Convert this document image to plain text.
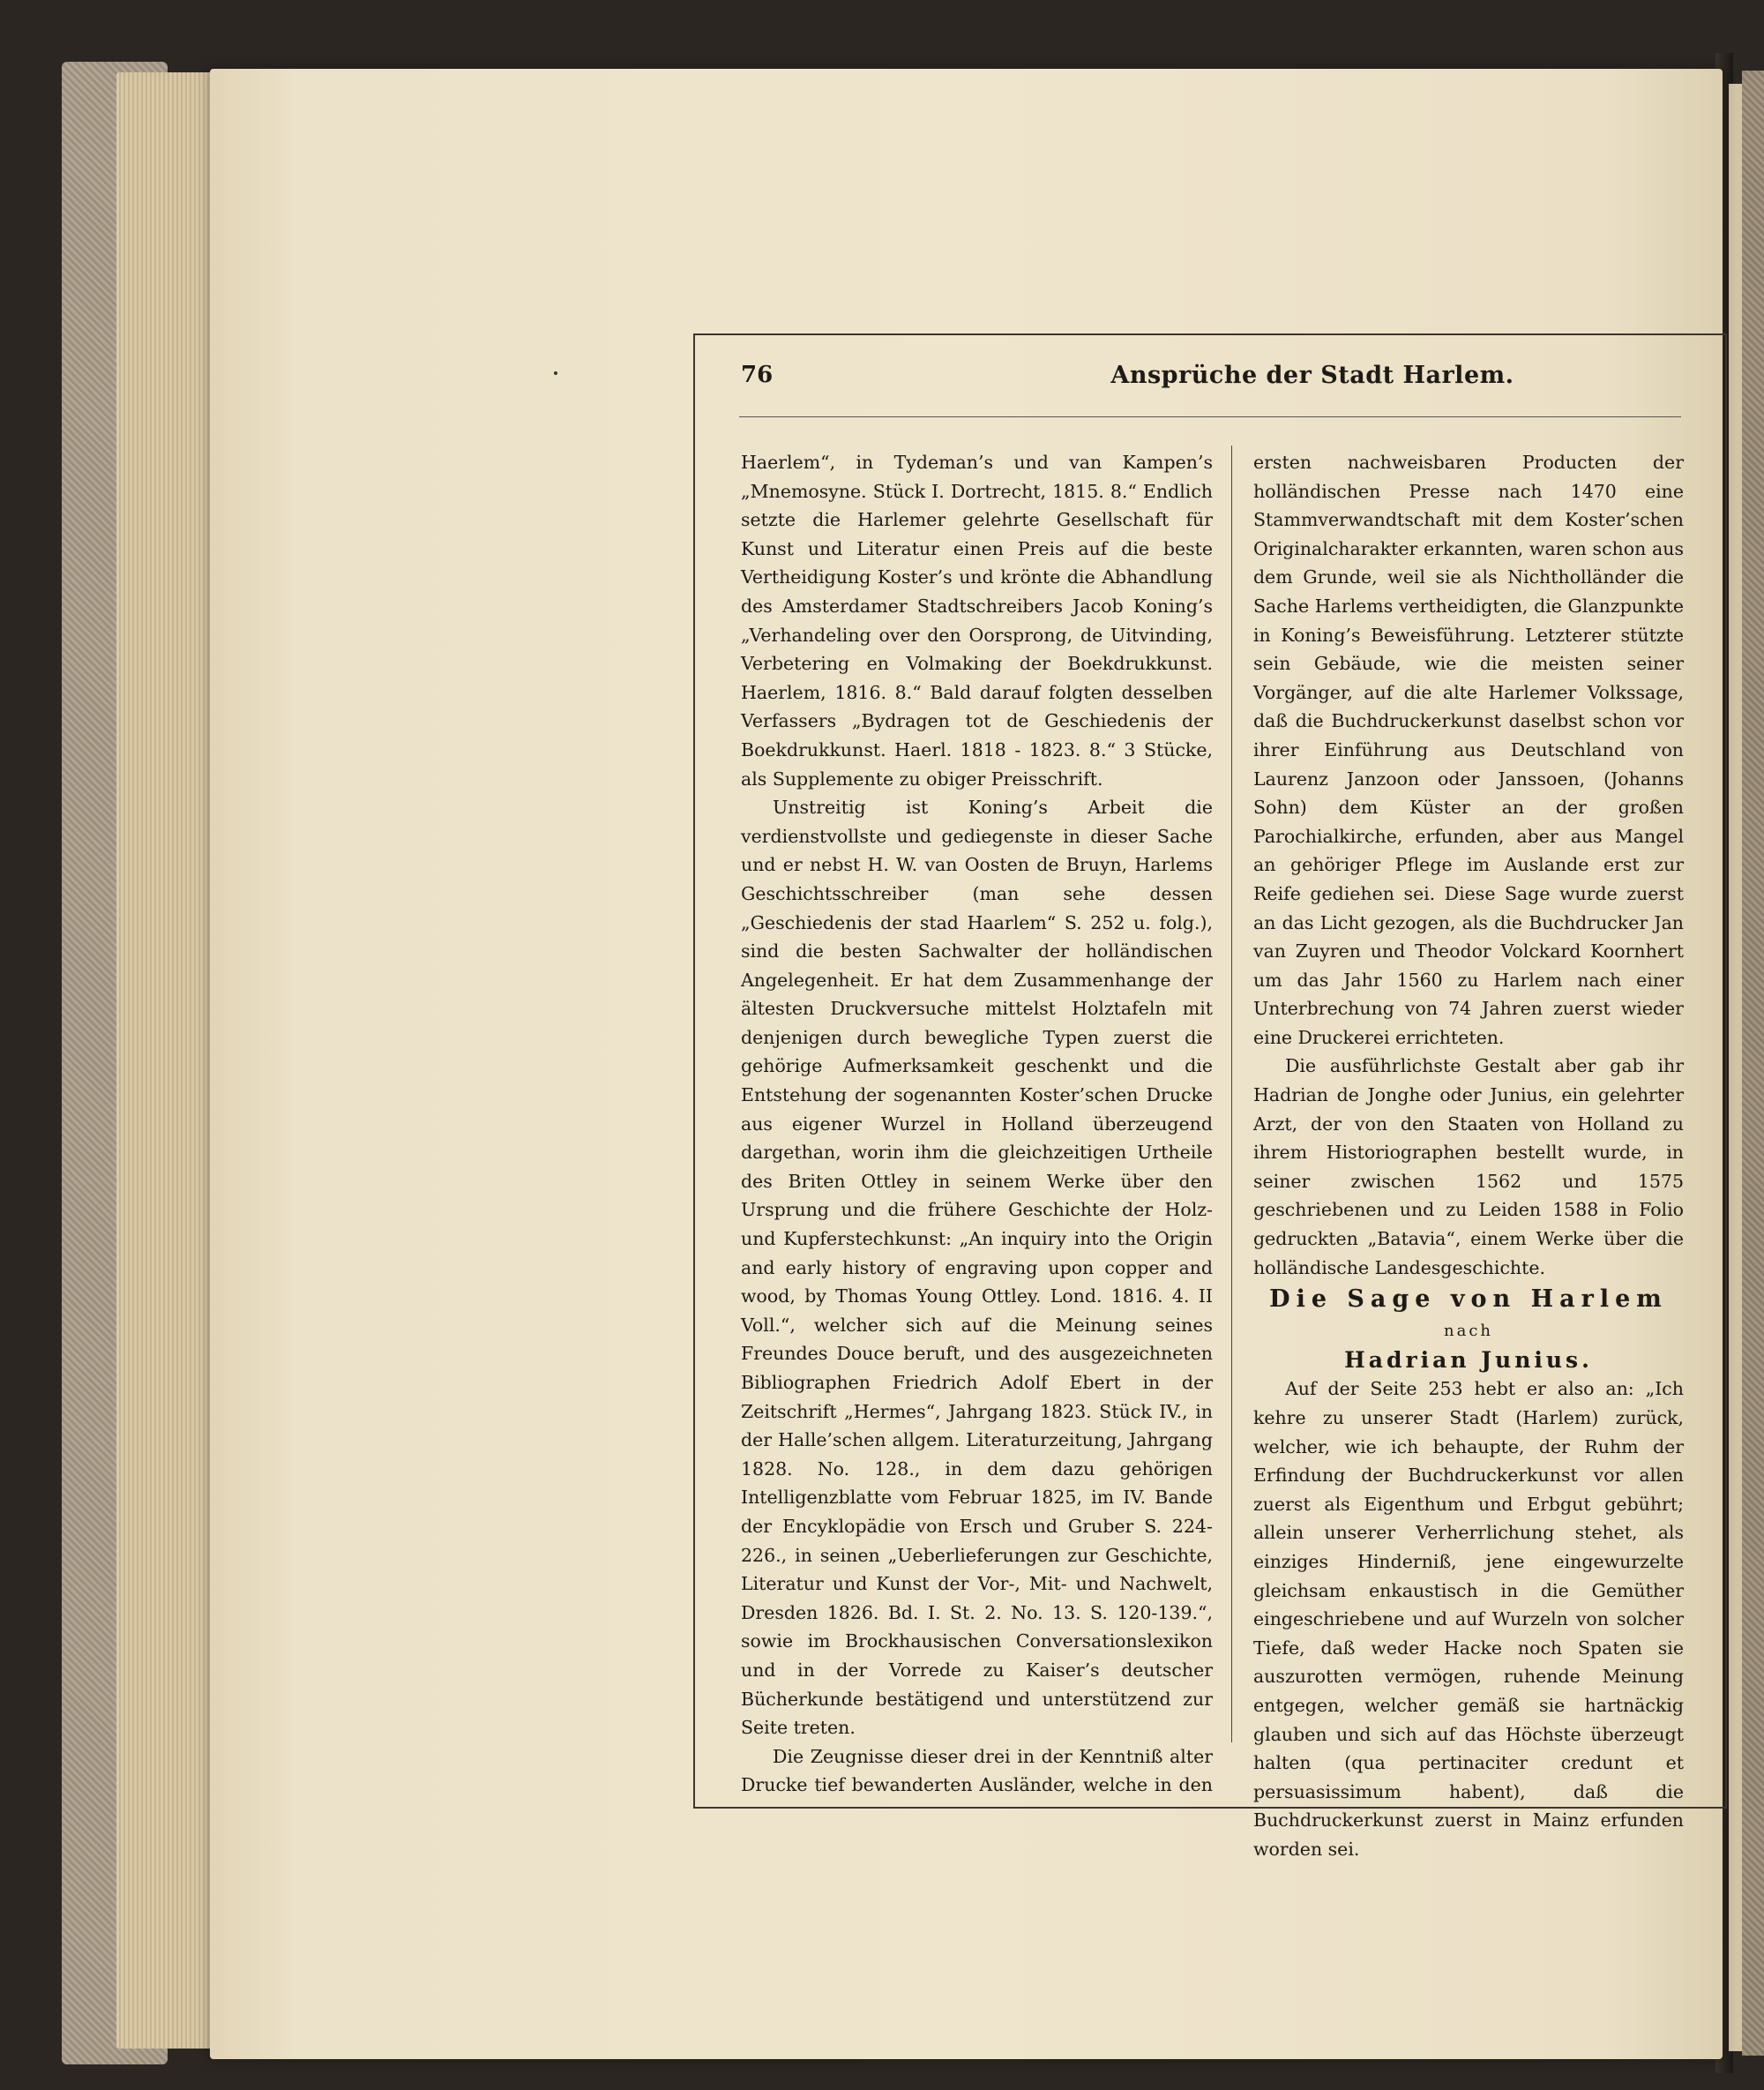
76	Ansprüche der Stadt Harlem.

Haerlem“, in Tydeman’s und van Kampen’s „Mnemosyne. Stück I. Dortrecht, 1815. 8.“ Endlich setzte die Harlemer gelehrte Gesellschaft für Kunst und Literatur einen Preis auf die beste Vertheidigung Koster’s und krönte die Abhandlung des Amsterdamer Stadtschreibers Jacob Koning’s „Verhandeling over den Oorsprong, de Uitvinding, Verbetering en Volmaking der Boekdrukkunst. Haerlem, 1816. 8.“ Bald darauf folgten desselben Verfassers „Bydragen tot de Geschiedenis der Boekdrukkunst. Haerl. 1818 - 1823. 8.“ 3 Stücke, als Supplemente zu obiger Preisschrift.

Unstreitig ist Koning’s Arbeit die verdienstvollste und gediegenste in dieser Sache und er nebst H. W. van Oosten de Bruyn, Harlems Geschichtsschreiber (man sehe dessen „Geschiedenis der stad Haarlem“ S. 252 u. folg.), sind die besten Sachwalter der holländischen Angelegenheit. Er hat dem Zusammenhange der ältesten Druckversuche mittelst Holztafeln mit denjenigen durch bewegliche Typen zuerst die gehörige Aufmerksamkeit geschenkt und die Entstehung der sogenannten Koster’schen Drucke aus eigener Wurzel in Holland überzeugend dargethan, worin ihm die gleichzeitigen Urtheile des Briten Ottley in seinem Werke über den Ursprung und die frühere Geschichte der Holz- und Kupferstechkunst: „An inquiry into the Origin and early history of engraving upon copper and wood, by Thomas Young Ottley. Lond. 1816. 4. II Voll.“, welcher sich auf die Meinung seines Freundes Douce beruft, und des ausgezeichneten Bibliographen Friedrich Adolf Ebert in der Zeitschrift „Hermes“, Jahrgang 1823. Stück IV., in der Halle’schen allgem. Literaturzeitung, Jahrgang 1828. No. 128., in dem dazu gehörigen Intelligenzblatte vom Februar 1825, im IV. Bande der Encyklopädie von Ersch und Gruber S. 224-226., in seinen „Ueberlieferungen zur Geschichte, Literatur und Kunst der Vor-, Mit- und Nachwelt, Dresden 1826. Bd. I. St. 2. No. 13. S. 120-139.“, sowie im Brockhausischen Conversationslexikon und in der Vorrede zu Kaiser’s deutscher Bücherkunde bestätigend und unterstützend zur Seite treten.

Die Zeugnisse dieser drei in der Kenntniß alter Drucke tief bewanderten Ausländer, welche in den

ersten nachweisbaren Producten der holländischen Presse nach 1470 eine Stammverwandtschaft mit dem Koster’schen Originalcharakter erkannten, waren schon aus dem Grunde, weil sie als Nichtholländer die Sache Harlems vertheidigten, die Glanzpunkte in Koning’s Beweisführung. Letzterer stützte sein Gebäude, wie die meisten seiner Vorgänger, auf die alte Harlemer Volkssage, daß die Buchdruckerkunst daselbst schon vor ihrer Einführung aus Deutschland von Laurenz Janzoon oder Janssoen, (Johanns Sohn) dem Küster an der großen Parochialkirche, erfunden, aber aus Mangel an gehöriger Pflege im Auslande erst zur Reife gediehen sei. Diese Sage wurde zuerst an das Licht gezogen, als die Buchdrucker Jan van Zuyren und Theodor Volckard Koornhert um das Jahr 1560 zu Harlem nach einer Unterbrechung von 74 Jahren zuerst wieder eine Druckerei errichteten.

Die ausführlichste Gestalt aber gab ihr Hadrian de Jonghe oder Junius, ein gelehrter Arzt, der von den Staaten von Holland zu ihrem Historiographen bestellt wurde, in seiner zwischen 1562 und 1575 geschriebenen und zu Leiden 1588 in Folio gedruckten „Batavia“, einem Werke über die holländische Landesgeschichte.

Die Sage von Harlem

nach

Hadrian Junius.

Auf der Seite 253 hebt er also an: „Ich kehre zu unserer Stadt (Harlem) zurück, welcher, wie ich behaupte, der Ruhm der Erfindung der Buchdruckerkunst vor allen zuerst als Eigenthum und Erbgut gebührt; allein unserer Verherrlichung stehet, als einziges Hinderniß, jene eingewurzelte gleichsam enkaustisch in die Gemüther eingeschriebene und auf Wurzeln von solcher Tiefe, daß weder Hacke noch Spaten sie auszurotten vermögen, ruhende Meinung entgegen, welcher gemäß sie hartnäckig glauben und sich auf das Höchste überzeugt halten (qua pertinaciter credunt et persuasissimum habent), daß die Buchdruckerkunst zuerst in Mainz erfunden worden sei.
